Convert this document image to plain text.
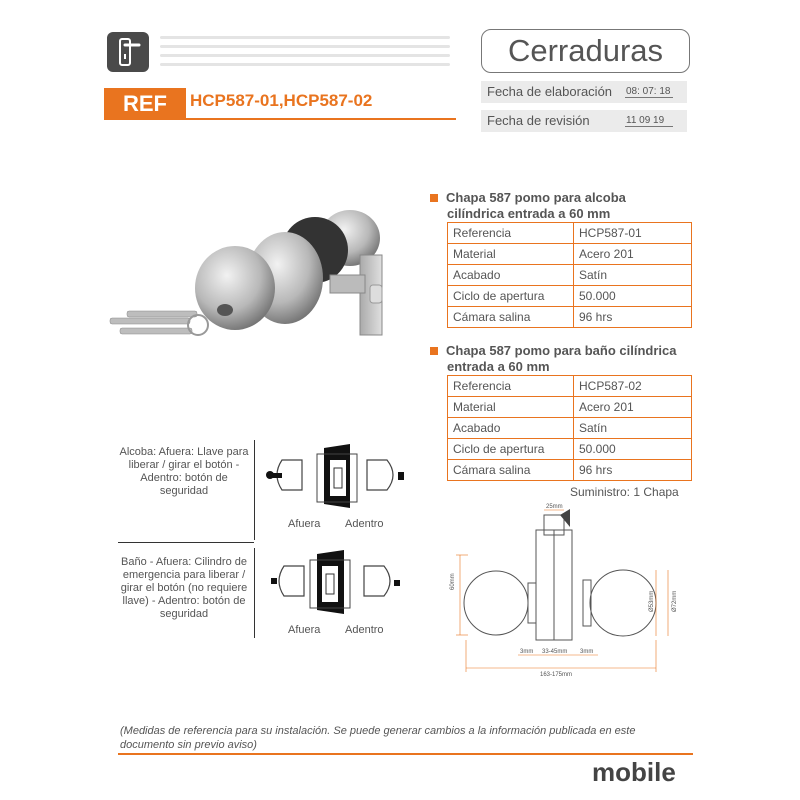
Cerraduras
REF	HCP587-01,HCP587-02	Fecha de elaboración 08: 07: 18
Fecha de revisión	11 09 19
Chapa 587 pomo para alcoba
cilíndrica entrada a 60 mm
Referencia	HCP587-01
Material	Acero 201
Acabado	Satín
Ciclo de apertura	50.000
Cámara salina	96 hrs
Chapa 587 pomo para baño cilíndrica
entrada a 60 mm
Referencia	HCP587-02
Material	Acero 201
Acabado	Satín
Ciclo de apertura	50.000
Cámara salina	96 hrs
Suministro: 1 Chapa
Alcoba: Afuera: Llave para liberar / girar el botón - Adentro: botón de seguridad
Afuera Adentro
Baño - Afuera: Cilindro de emergencia para liberar / girar el botón (no requiere llave) - Adentro: botón de seguridad
Afuera Adentro
25mm
60mm
Ø53mm	Ø72mm
3mm 33-45mm 3mm
163-175mm
(Medidas de referencia para su instalación. Se puede generar cambios a la información publicada en este documento sin previo aviso)
mobile
